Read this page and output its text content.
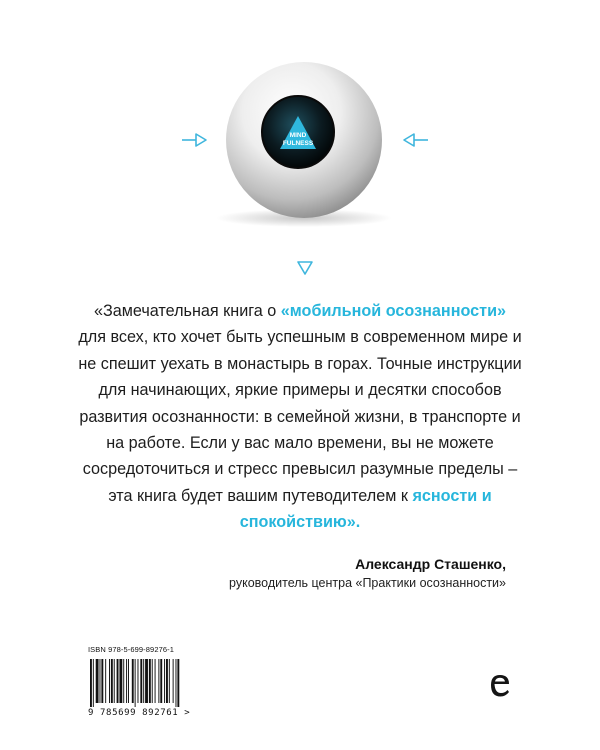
MIND
FULNESS
«Замечательная книга о «мобильной осознанности» для всех, кто хочет быть успешным в современном мире и не спешит уехать в монастырь в горах. Точные инструкции для начинающих, яркие примеры и десятки способов развития осознанности: в семейной жизни, в транспорте и на работе. Если у вас мало времени, вы не можете сосредоточиться и стресс превысил разумные пределы – эта книга будет вашим путеводителем к ясности и спокойствию».
Александр Сташенко,
руководитель центра «Практики осознанности»
ISBN 978-5-699-89276-1
9 785699 892761 >
